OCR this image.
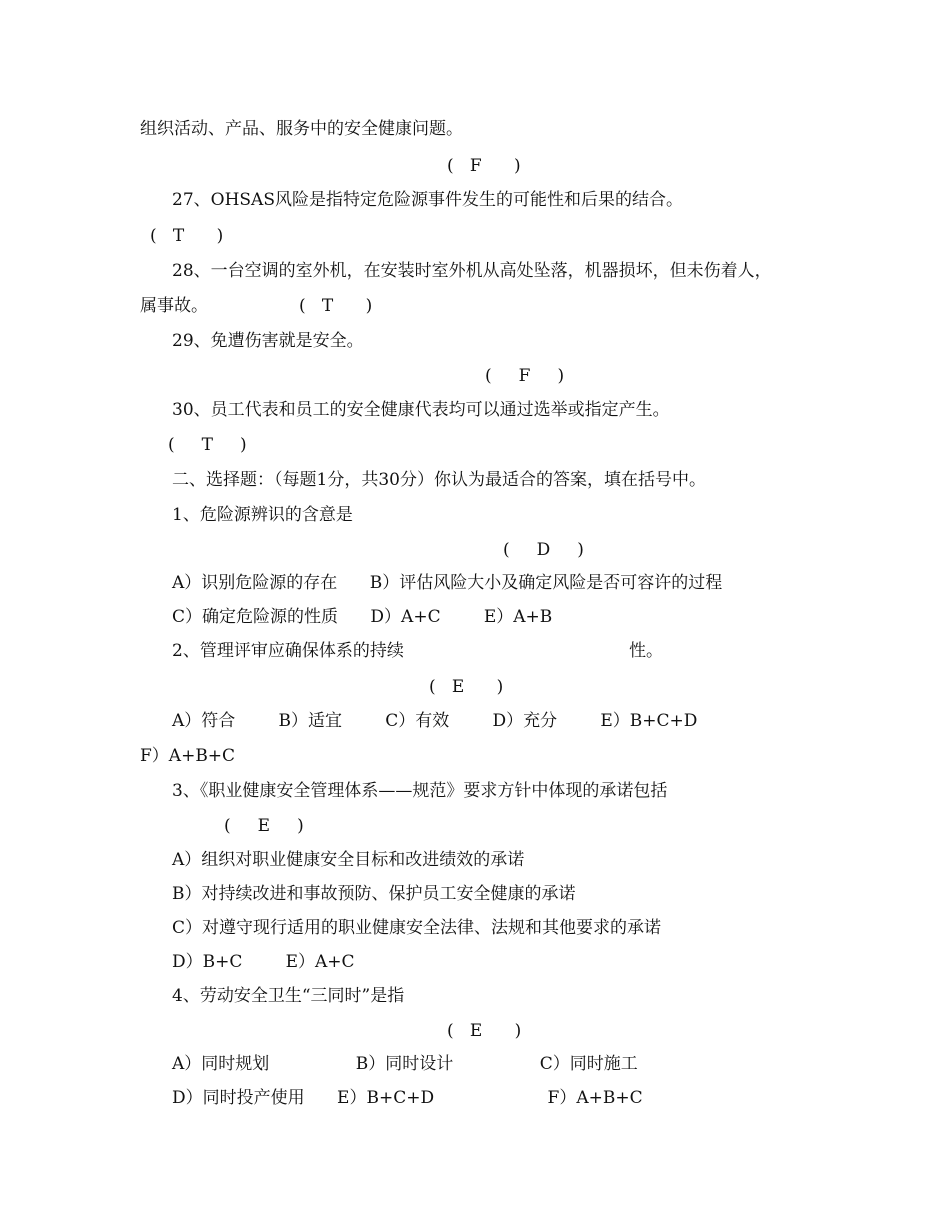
组织活动、产品、服务中的安全健康问题。
(   F      )
27、OHSAS风险是指特定危险源事件发生的可能性和后果的结合。
(   T      )
28、一台空调的室外机，在安装时室外机从高处坠落，机器损坏，但未伤着人，
属事故。	(   T      )
29、免遭伤害就是安全。
(     F     )
30、员工代表和员工的安全健康代表均可以通过选举或指定产生。
(     T     )
二、选择题：（每题1分，共30分）你认为最适合的答案，填在括号中。
1、危险源辨识的含意是
(     D     )
A）识别危险源的存在      B）评估风险大小及确定风险是否可容许的过程
C）确定危险源的性质      D）A+C        E）A+B
2、管理评审应确保体系的持续	性。
(   E      )
A）符合        B）适宜        C）有效        D）充分        E）B+C+D
F）A+B+C
3、《职业健康安全管理体系——规范》要求方针中体现的承诺包括
(     E     )
A）组织对职业健康安全目标和改进绩效的承诺
B）对持续改进和事故预防、保护员工安全健康的承诺
C）对遵守现行适用的职业健康安全法律、法规和其他要求的承诺
D）B+C        E）A+C
4、劳动安全卫生“三同时”是指
(   E      )
A）同时规划                B）同时设计                C）同时施工
D）同时投产使用      E）B+C+D                     F）A+B+C
